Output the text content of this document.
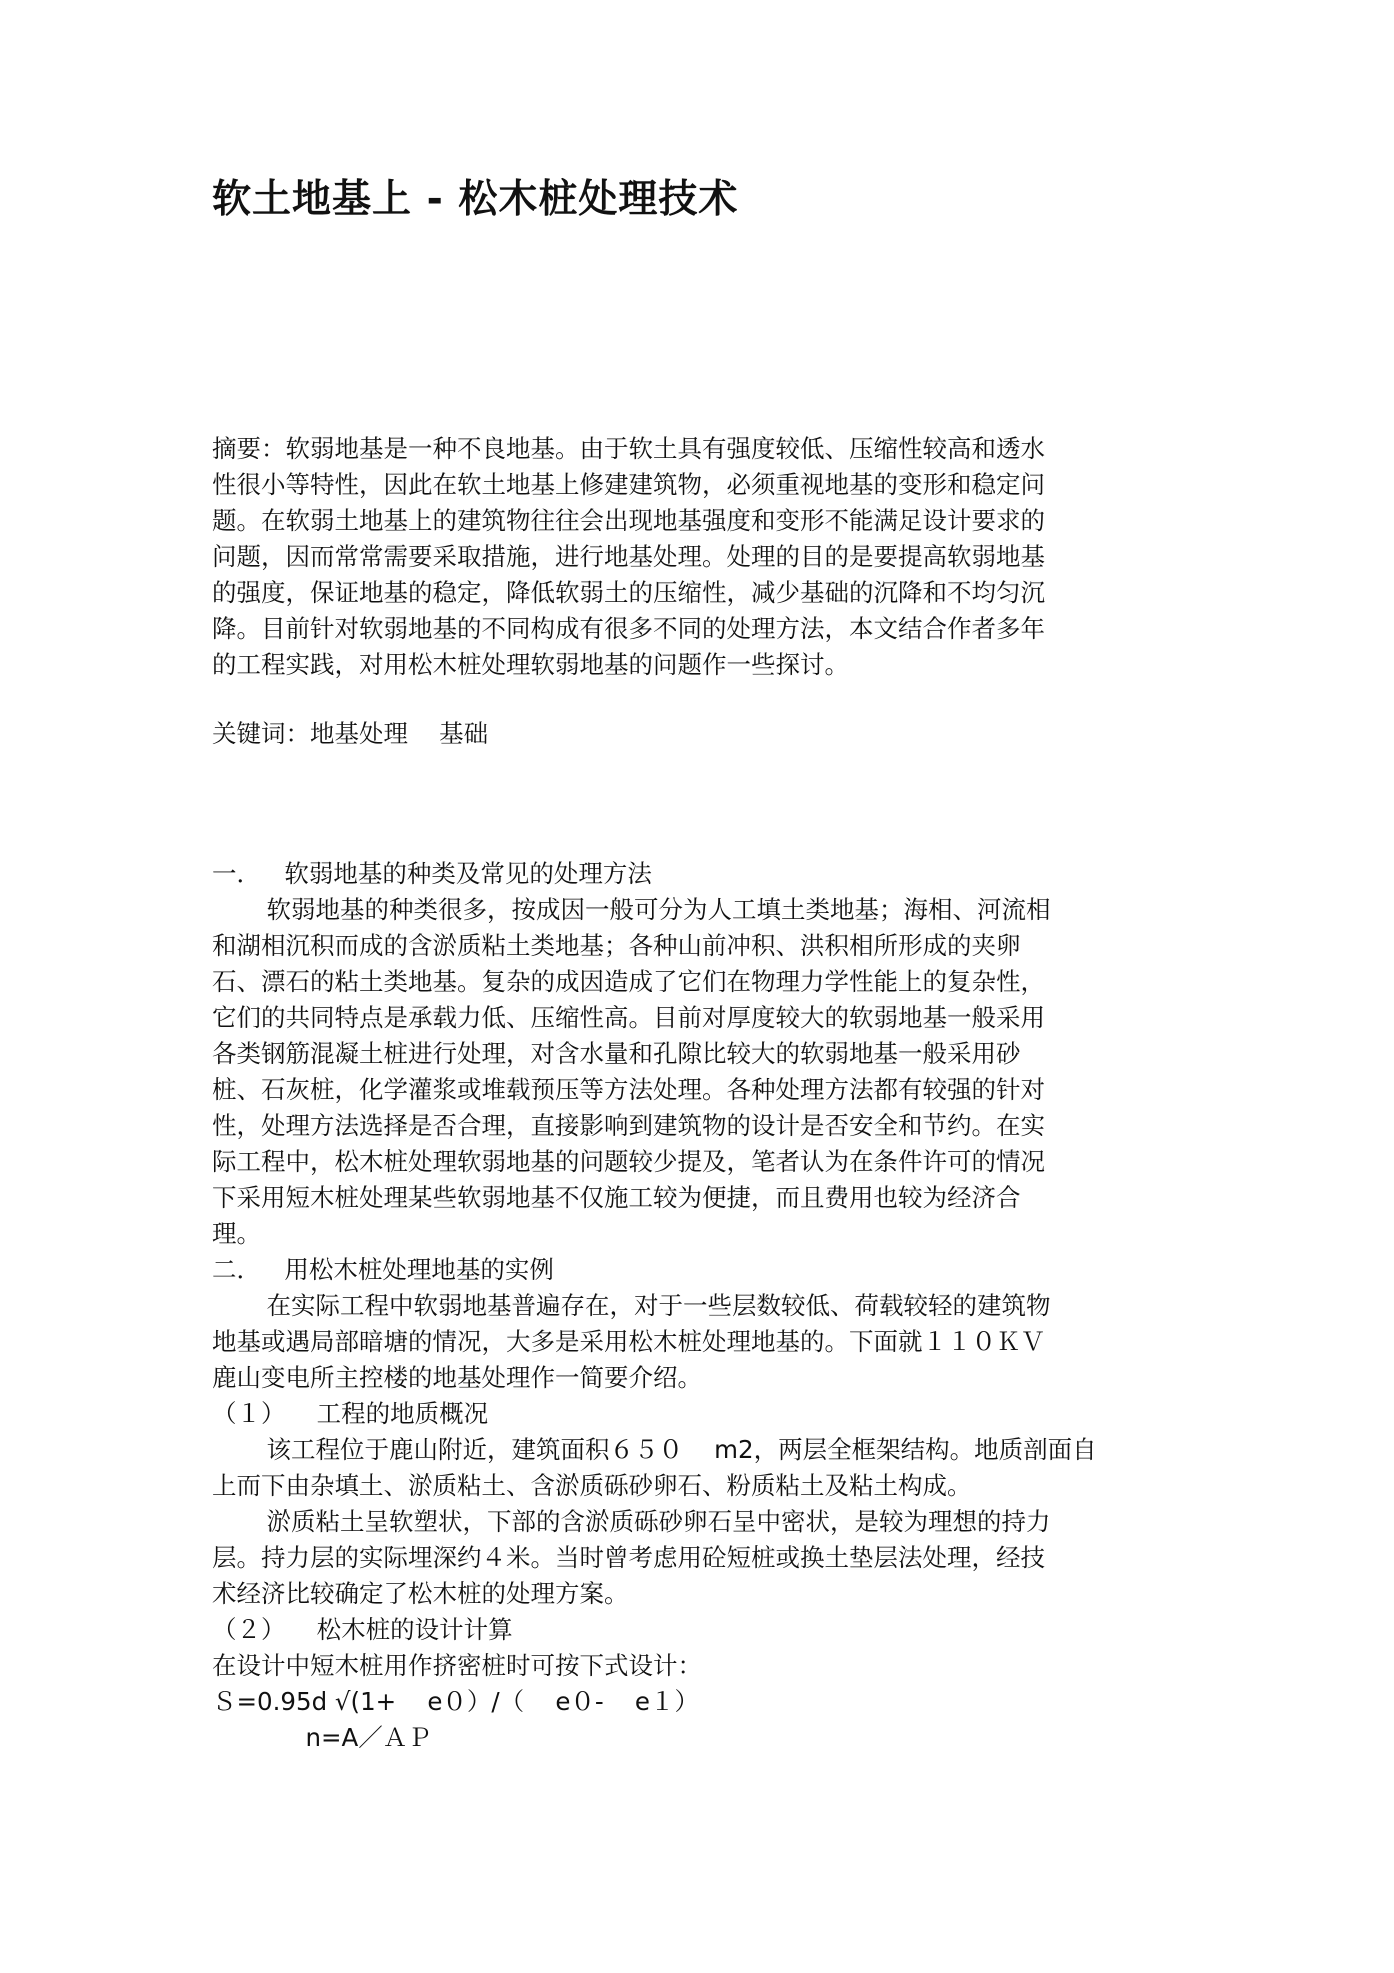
软土地基上 - 松木桩处理技术

摘要：软弱地基是一种不良地基。由于软土具有强度较低、压缩性较高和透水

性很小等特性，因此在软土地基上修建建筑物，必须重视地基的变形和稳定问

题。在软弱土地基上的建筑物往往会出现地基强度和变形不能满足设计要求的

问题，因而常常需要采取措施，进行地基处理。处理的目的是要提高软弱地基

的强度，保证地基的稳定，降低软弱土的压缩性，减少基础的沉降和不均匀沉

降。目前针对软弱地基的不同构成有很多不同的处理方法，本文结合作者多年

的工程实践，对用松木桩处理软弱地基的问题作一些探讨。

关键词：地基处理    基础

一．   软弱地基的种类及常见的处理方法

软弱地基的种类很多，按成因一般可分为人工填土类地基；海相、河流相

和湖相沉积而成的含淤质粘土类地基；各种山前冲积、洪积相所形成的夹卵

石、漂石的粘土类地基。复杂的成因造成了它们在物理力学性能上的复杂性，

它们的共同特点是承载力低、压缩性高。目前对厚度较大的软弱地基一般采用

各类钢筋混凝土桩进行处理，对含水量和孔隙比较大的软弱地基一般采用砂

桩、石灰桩，化学灌浆或堆载预压等方法处理。各种处理方法都有较强的针对

性，处理方法选择是否合理，直接影响到建筑物的设计是否安全和节约。在实

际工程中，松木桩处理软弱地基的问题较少提及，笔者认为在条件许可的情况

下采用短木桩处理某些软弱地基不仅施工较为便捷，而且费用也较为经济合

理。

二．   用松木桩处理地基的实例

在实际工程中软弱地基普遍存在，对于一些层数较低、荷载较轻的建筑物

地基或遇局部暗塘的情况，大多是采用松木桩处理地基的。下面就１１０ＫＶ

鹿山变电所主控楼的地基处理作一简要介绍。

（１）    工程的地质概况

该工程位于鹿山附近，建筑面积６５０    m2，两层全框架结构。地质剖面自

上而下由杂填土、淤质粘土、含淤质砾砂卵石、粉质粘土及粘土构成。

淤质粘土呈软塑状，下部的含淤质砾砂卵石呈中密状，是较为理想的持力

层。持力层的实际埋深约４米。当时曾考虑用砼短桩或换土垫层法处理，经技

术经济比较确定了松木桩的处理方案。

（２）    松木桩的设计计算

在设计中短木桩用作挤密桩时可按下式设计：

Ｓ=0.95d √(1+    e０）/（    e０-    e１）

n=A／ＡＰ
